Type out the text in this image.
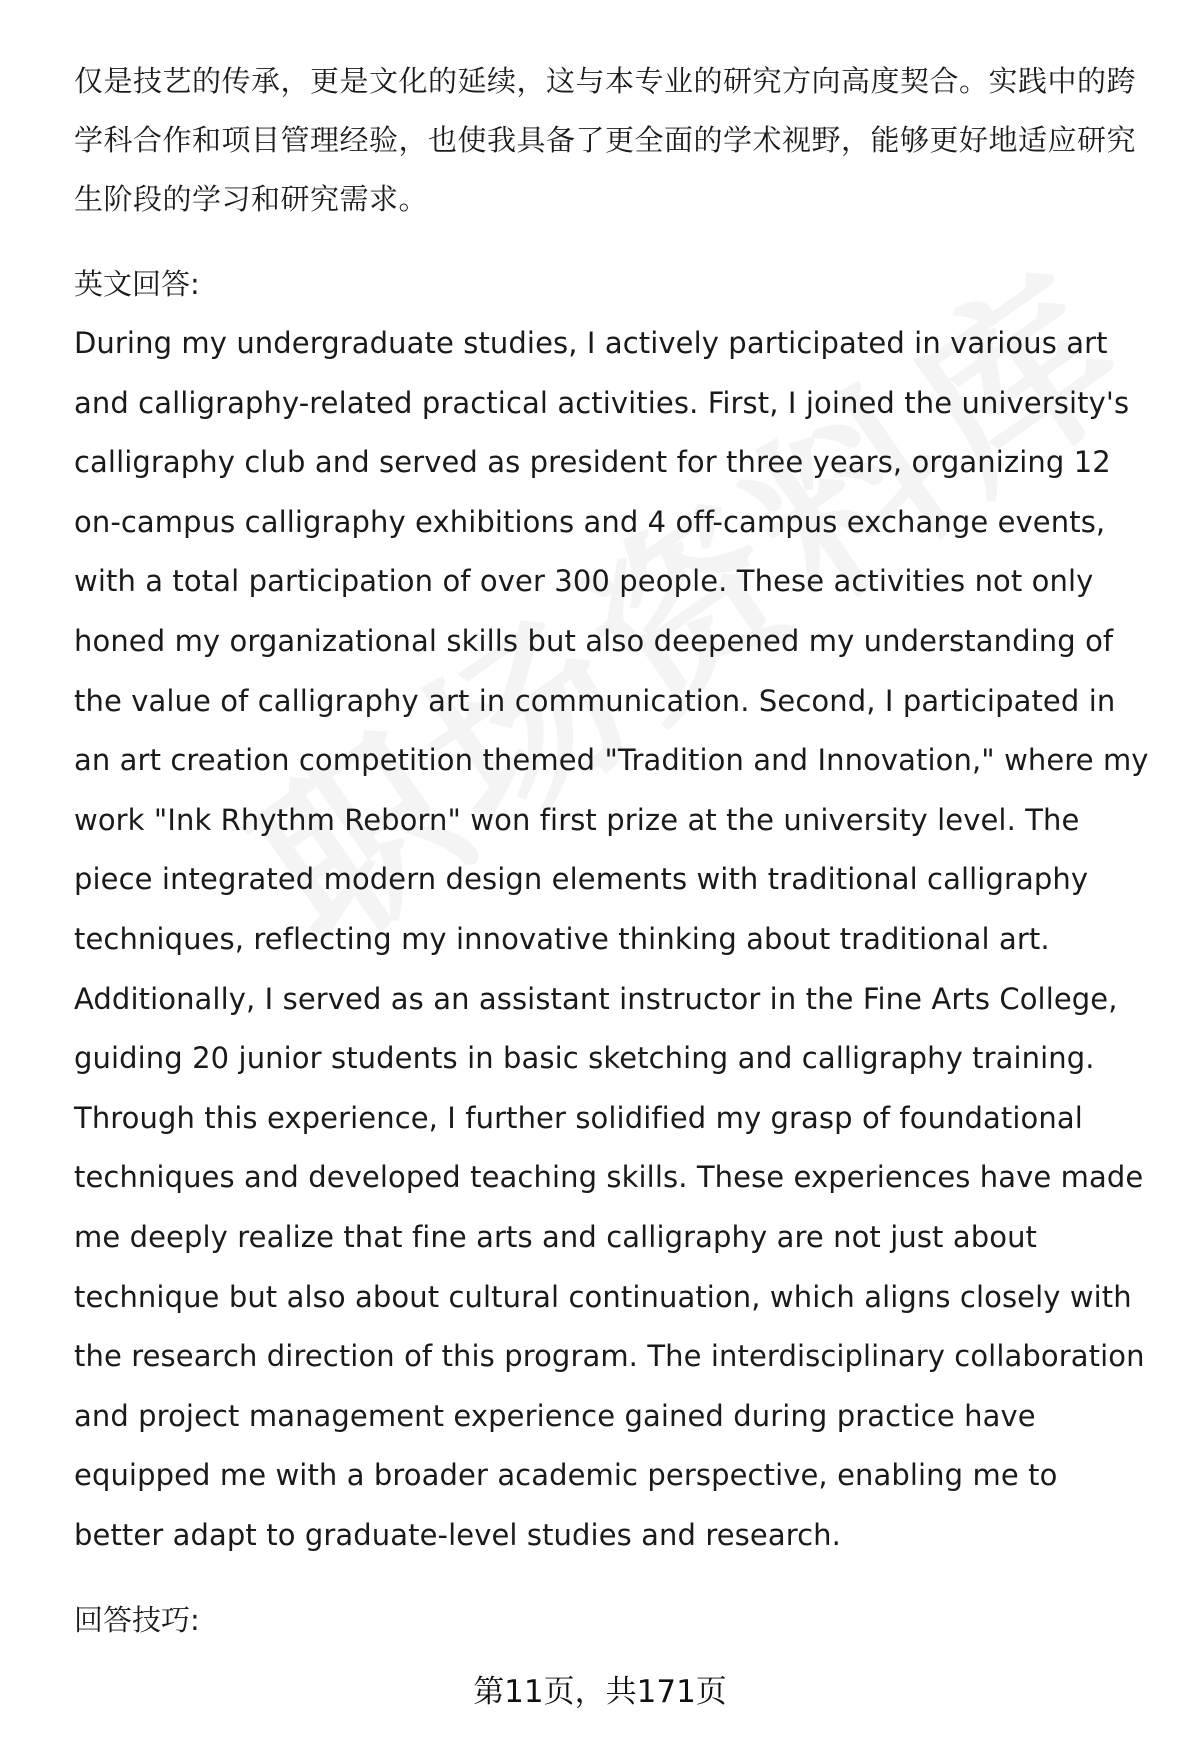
仅是技艺的传承，更是文化的延续，这与本专业的研究方向高度契合。实践中的跨学科合作和项目管理经验，也使我具备了更全面的学术视野，能够更好地适应研究生阶段的学习和研究需求。

英文回答:

During my undergraduate studies, I actively participated in various art and calligraphy-related practical activities. First, I joined the university's calligraphy club and served as president for three years, organizing 12 on-campus calligraphy exhibitions and 4 off-campus exchange events, with a total participation of over 300 people. These activities not only honed my organizational skills but also deepened my understanding of the value of calligraphy art in communication. Second, I participated in an art creation competition themed "Tradition and Innovation," where my work "Ink Rhythm Reborn" won first prize at the university level. The piece integrated modern design elements with traditional calligraphy techniques, reflecting my innovative thinking about traditional art. Additionally, I served as an assistant instructor in the Fine Arts College, guiding 20 junior students in basic sketching and calligraphy training. Through this experience, I further solidified my grasp of foundational techniques and developed teaching skills. These experiences have made me deeply realize that fine arts and calligraphy are not just about technique but also about cultural continuation, which aligns closely with the research direction of this program. The interdisciplinary collaboration and project management experience gained during practice have equipped me with a broader academic perspective, enabling me to better adapt to graduate-level studies and research.

回答技巧:

第11页，共171页
